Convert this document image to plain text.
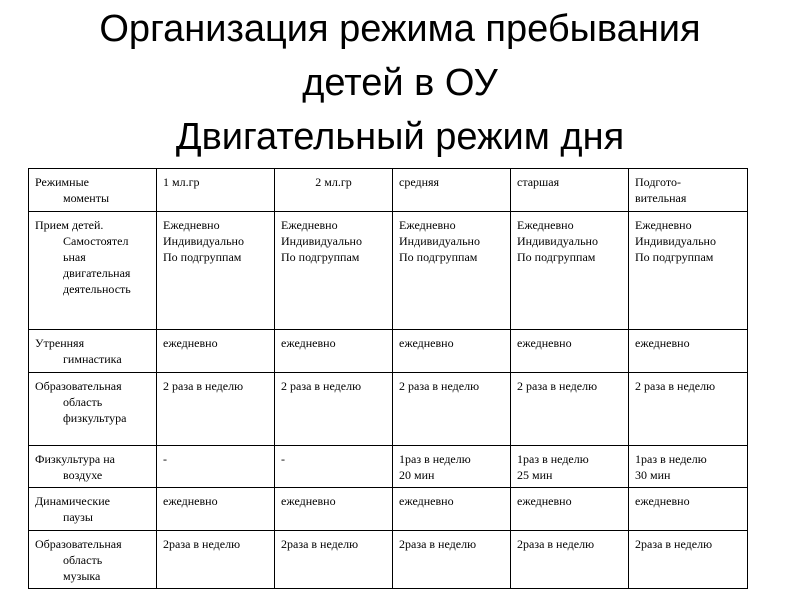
Организация режима пребывания
детей в ОУ
Двигательный режим дня
Режимные
моменты	1 мл.гр	2 мл.гр	средняя	старшая	Подгото-
вительная

Прием детей.
Самостоятел
ьная
двигательная
деятельность	Ежедневно
Индивидуально
По подгруппам	Ежедневно
Индивидуально
По подгруппам	Ежедневно
Индивидуально
По подгруппам	Ежедневно
Индивидуально
По подгруппам	Ежедневно
Индивидуально
По подгруппам

Утренняя
гимнастика	ежедневно	ежедневно	ежедневно	ежедневно	ежедневно

Образовательная
область
физкультура	2 раза в неделю	2 раза в неделю	2 раза в неделю	2 раза в неделю	2 раза в неделю

Физкультура на
воздухе	-	-	1раз в неделю
20 мин	1раз в неделю
25 мин	1раз в неделю
30 мин

Динамические
паузы	ежедневно	ежедневно	ежедневно	ежедневно	ежедневно

Образовательная
область
музыка	2раза в неделю	2раза в неделю	2раза в неделю	2раза в неделю	2раза в неделю
